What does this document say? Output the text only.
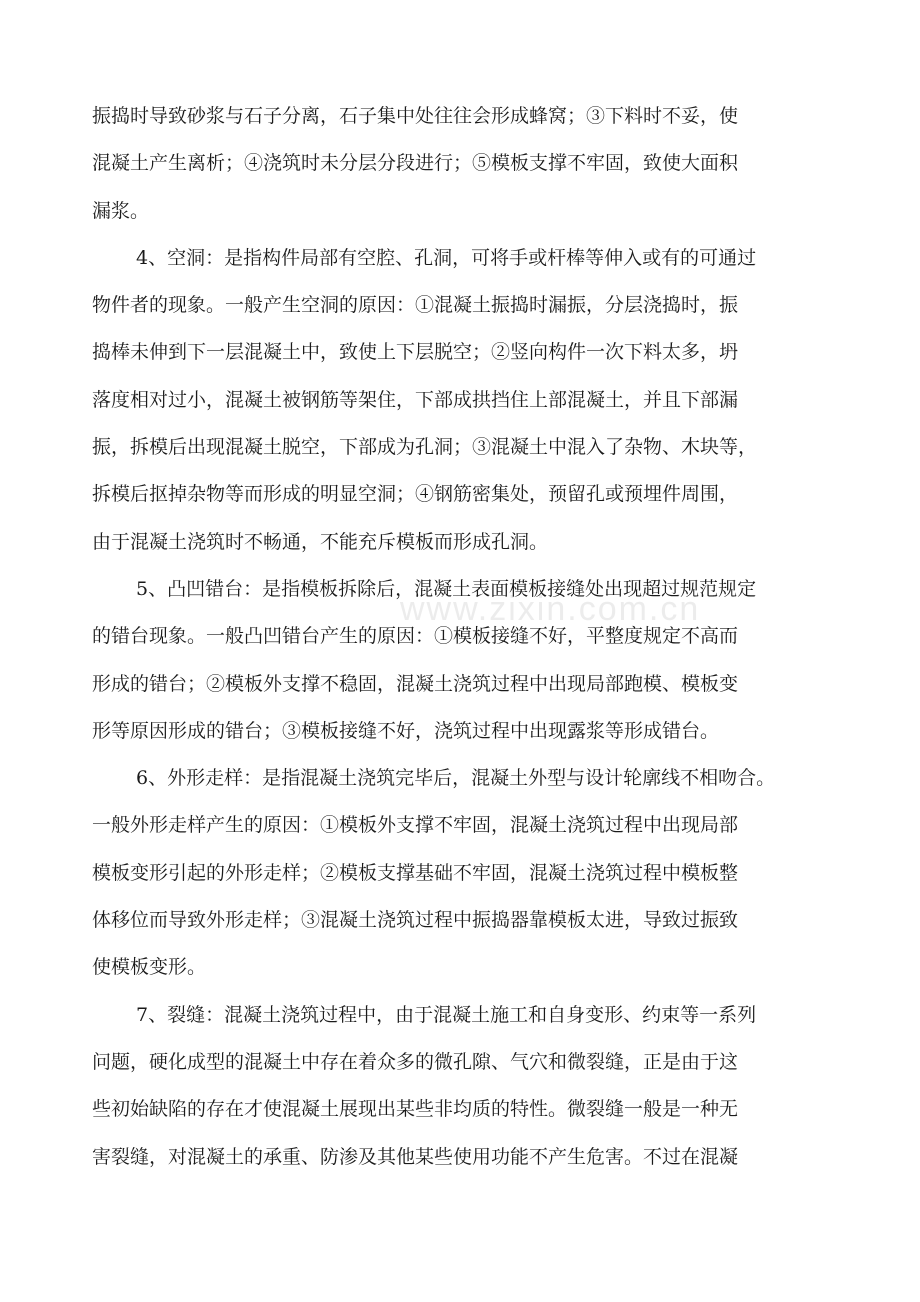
www.zixin.com.cn
振捣时导致砂浆与石子分离，石子集中处往往会形成蜂窝；③下料时不妥，使
混凝土产生离析；④浇筑时未分层分段进行；⑤模板支撑不牢固，致使大面积
漏浆。
4、空洞：是指构件局部有空腔、孔洞，可将手或杆棒等伸入或有的可通过
物件者的现象。一般产生空洞的原因：①混凝土振捣时漏振，分层浇捣时，振
捣棒未伸到下一层混凝土中，致使上下层脱空；②竖向构件一次下料太多，坍
落度相对过小，混凝土被钢筋等架住，下部成拱挡住上部混凝土，并且下部漏
振，拆模后出现混凝土脱空，下部成为孔洞；③混凝土中混入了杂物、木块等，
拆模后抠掉杂物等而形成的明显空洞；④钢筋密集处，预留孔或预埋件周围，
由于混凝土浇筑时不畅通，不能充斥模板而形成孔洞。
5、凸凹错台：是指模板拆除后，混凝土表面模板接缝处出现超过规范规定
的错台现象。一般凸凹错台产生的原因：①模板接缝不好，平整度规定不高而
形成的错台；②模板外支撑不稳固，混凝土浇筑过程中出现局部跑模、模板变
形等原因形成的错台；③模板接缝不好，浇筑过程中出现露浆等形成错台。
6、外形走样：是指混凝土浇筑完毕后，混凝土外型与设计轮廓线不相吻合。
一般外形走样产生的原因：①模板外支撑不牢固，混凝土浇筑过程中出现局部
模板变形引起的外形走样；②模板支撑基础不牢固，混凝土浇筑过程中模板整
体移位而导致外形走样；③混凝土浇筑过程中振捣器靠模板太进，导致过振致
使模板变形。
7、裂缝：混凝土浇筑过程中，由于混凝土施工和自身变形、约束等一系列
问题，硬化成型的混凝土中存在着众多的微孔隙、气穴和微裂缝，正是由于这
些初始缺陷的存在才使混凝土展现出某些非均质的特性。微裂缝一般是一种无
害裂缝，对混凝土的承重、防渗及其他某些使用功能不产生危害。不过在混凝
